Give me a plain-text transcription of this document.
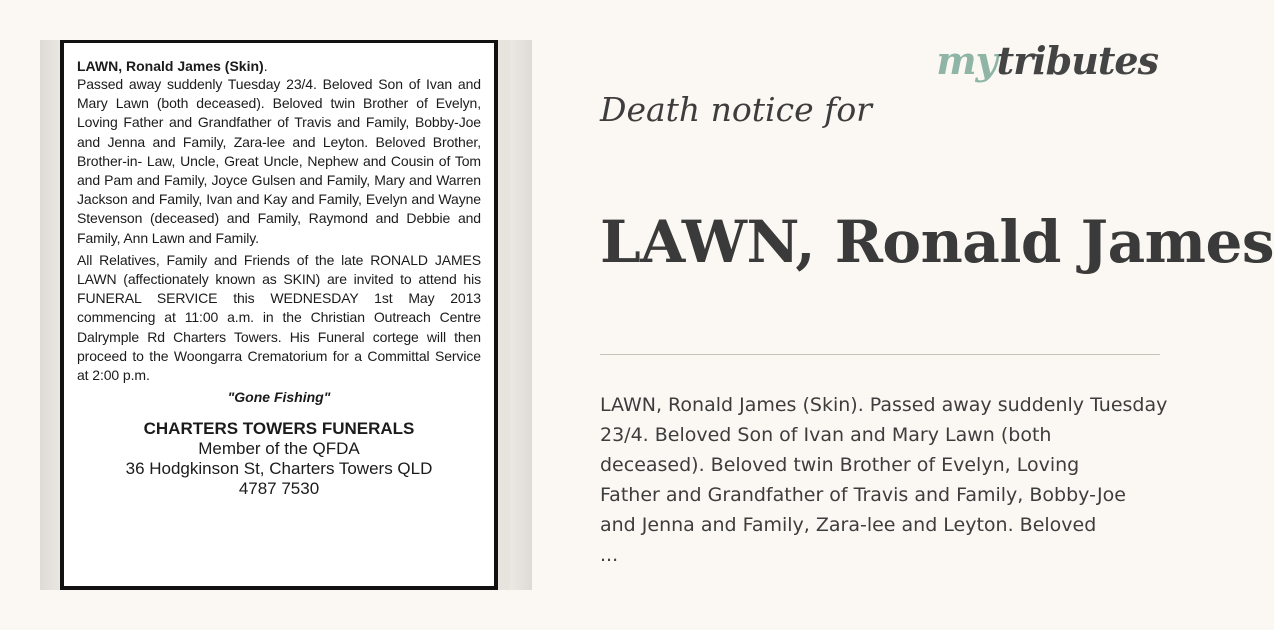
LAWN, Ronald James (Skin).

Passed away suddenly Tuesday 23/4. Beloved Son of Ivan and Mary Lawn (both deceased). Beloved twin Brother of Evelyn, Loving Father and Grandfather of Travis and Family, Bobby-Joe and Jenna and Family, Zara-lee and Leyton. Beloved Brother, Brother-in- Law, Uncle, Great Uncle, Nephew and Cousin of Tom and Pam and Family, Joyce Gulsen and Family, Mary and Warren Jackson and Family, Ivan and Kay and Family, Evelyn and Wayne Stevenson (deceased) and Family, Raymond and Debbie and Family, Ann Lawn and Family.

All Relatives, Family and Friends of the late RONALD JAMES LAWN (affectionately known as SKIN) are invited to attend his FUNERAL SERVICE this WEDNESDAY 1st May 2013 commencing at 11:00 a.m. in the Christian Outreach Centre Dalrymple Rd Charters Towers. His Funeral cortege will then proceed to the Woongarra Crematorium for a Committal Service at 2:00 p.m.

"Gone Fishing"
CHARTERS TOWERS FUNERALS
Member of the QFDA
36 Hodgkinson St, Charters Towers QLD
4787 7530
mytributes
Death notice for
LAWN, Ronald James
LAWN, Ronald James (Skin). Passed away suddenly Tuesday
23/4. Beloved Son of Ivan and Mary Lawn (both
deceased). Beloved twin Brother of Evelyn, Loving
Father and Grandfather of Travis and Family, Bobby-Joe
and Jenna and Family, Zara-lee and Leyton. Beloved
...
